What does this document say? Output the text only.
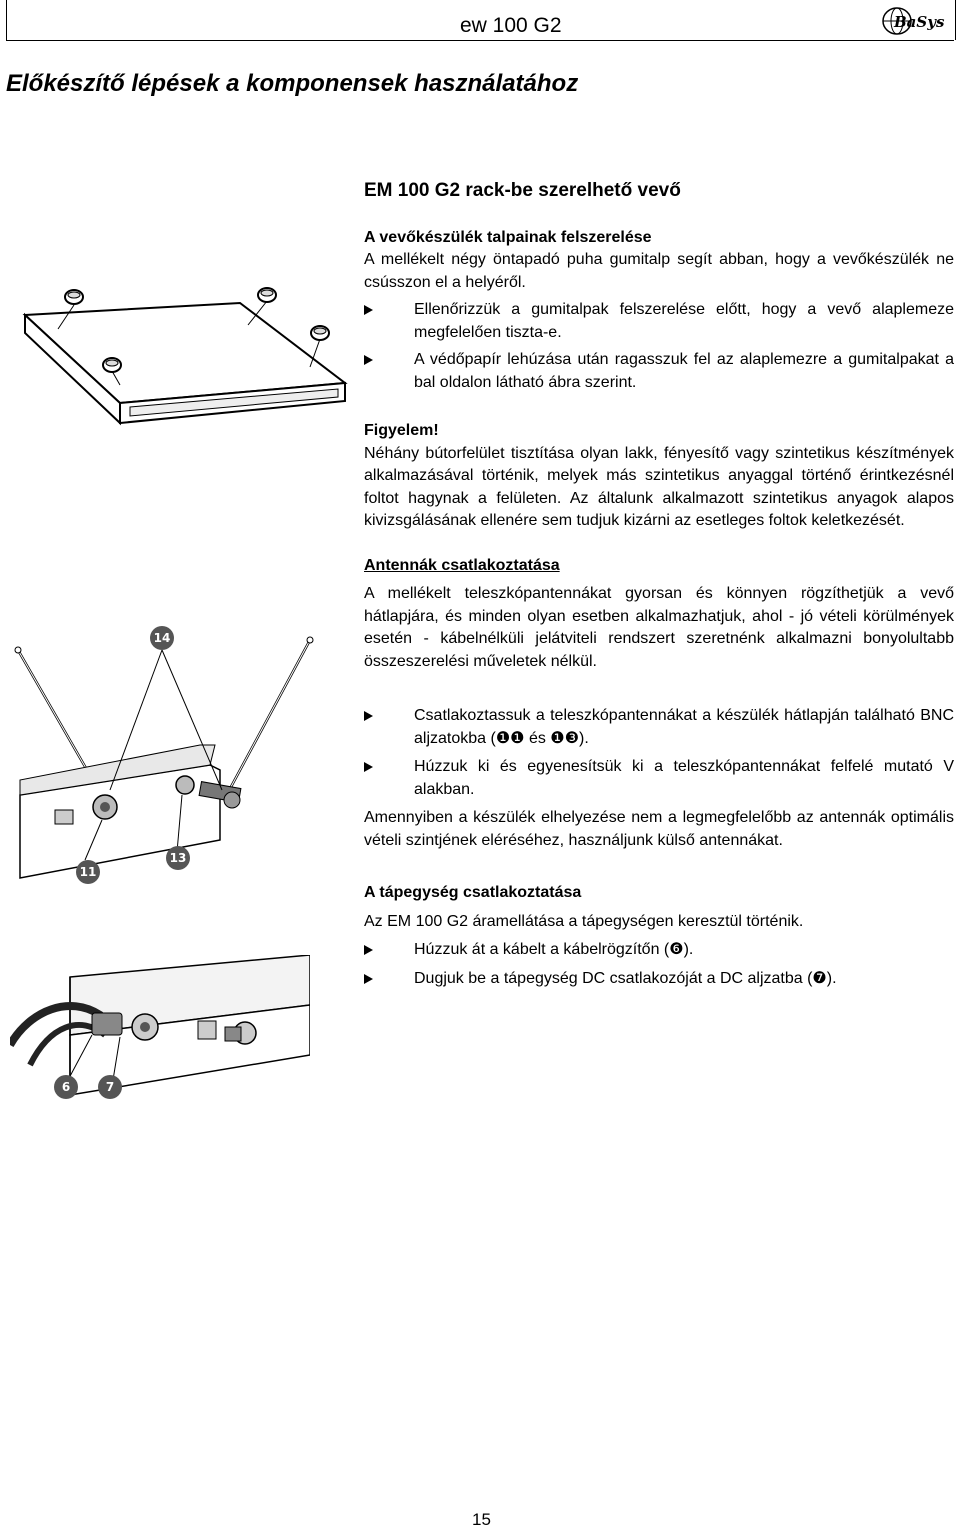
ew 100 G2	BaSys
Előkészítő lépések a komponensek használatához
EM 100 G2 rack-be szerelhető vevő
A vevőkészülék talpainak felszerelése
A mellékelt négy öntapadó puha gumitalp segít abban, hogy a vevőkészülék ne csússzon el a helyéről.
Ellenőrizzük a gumitalpak felszerelése előtt, hogy a vevő alaplemeze megfelelően tiszta-e.
A védőpapír lehúzása után ragasszuk fel az alaplemezre a gumitalpakat a bal oldalon látható ábra szerint.
Figyelem!
Néhány bútorfelület tisztítása olyan lakk, fényesítő vagy szintetikus készítmények alkalmazásával történik, melyek más szintetikus anyaggal történő érintkezésnél foltot hagynak a felületen. Az általunk alkalmazott szintetikus anyagok alapos kivizsgálásának ellenére sem tudjuk kizárni az esetleges foltok keletkezését.
Antennák csatlakoztatása
A mellékelt teleszkópantennákat gyorsan és könnyen rögzíthetjük a vevő hátlapjára, és minden olyan esetben alkalmazhatjuk, ahol - jó vételi körülmények esetén - kábelnélküli jelátviteli rendszert szeretnénk alkalmazni bonyolultabb összeszerelési műveletek nélkül.
Csatlakoztassuk a teleszkópantennákat a készülék hátlapján található BNC aljzatokba (❶❶ és ❶❸).
Húzzuk ki és egyenesítsük ki a teleszkópantennákat felfelé mutató V alakban.
Amennyiben a készülék elhelyezése nem a legmegfelelőbb az antennák optimális vételi szintjének eléréséhez, használjunk külső antennákat.
A tápegység csatlakoztatása
Az EM 100 G2 áramellátása a tápegységen keresztül történik.
Húzzuk át a kábelt a kábelrögzítőn (❻).
Dugjuk be a tápegység DC csatlakozóját a DC aljzatba (❼).
14
11
13
6	7
15
